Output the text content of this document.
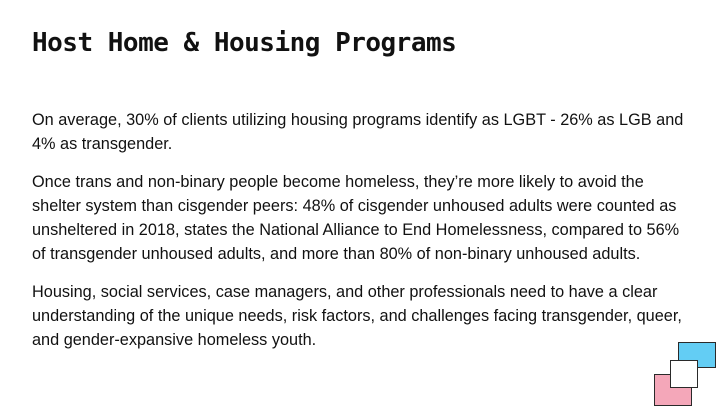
Host Home & Housing Programs

On average, 30% of clients utilizing housing programs identify as LGBT - 26% as LGB and 4% as transgender.

Once trans and non-binary people become homeless, they’re more likely to avoid the shelter system than cisgender peers: 48% of cisgender unhoused adults were counted as unsheltered in 2018, states the National Alliance to End Homelessness, compared to 56% of transgender unhoused adults, and more than 80% of non-binary unhoused adults.

Housing, social services, case managers, and other professionals need to have a clear understanding of the unique needs, risk factors, and challenges facing transgender, queer, and gender-expansive homeless youth.
